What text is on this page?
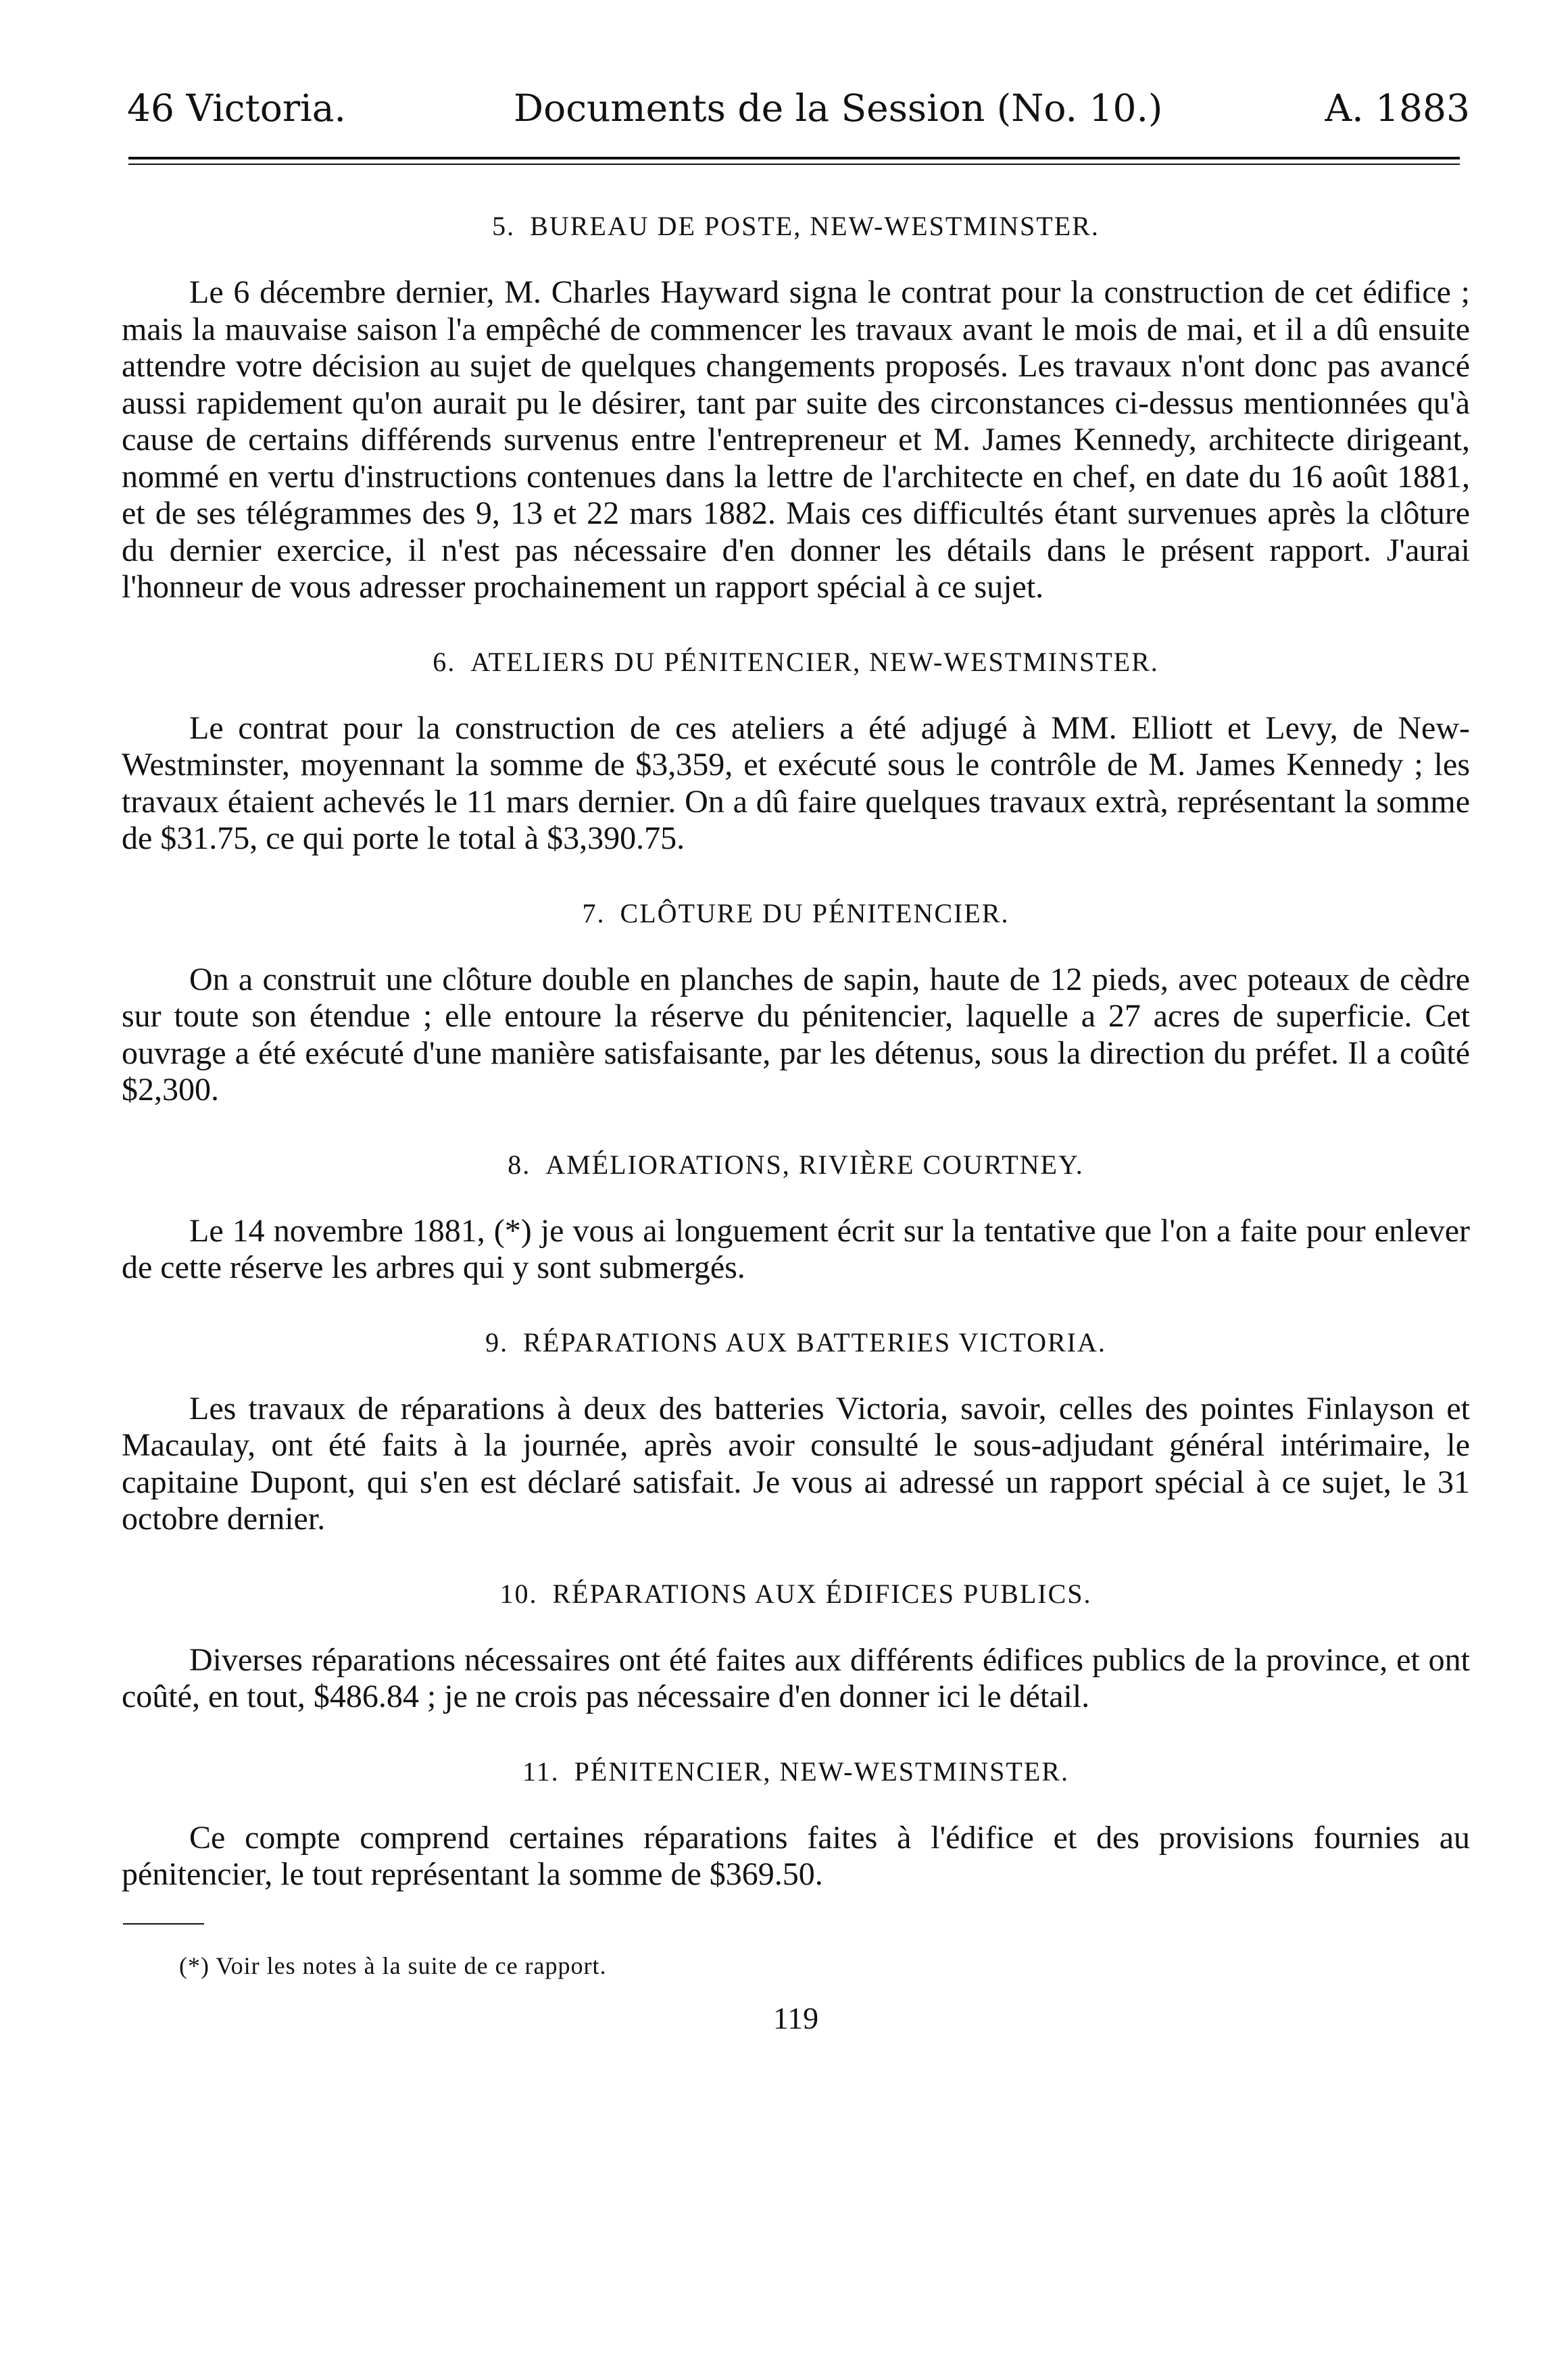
46 Victoria.	Documents de la Session (No. 10.)	A. 1883
5. BUREAU DE POSTE, NEW-WESTMINSTER.

Le 6 décembre dernier, M. Charles Hayward signa le contrat pour la construction de cet édifice ; mais la mauvaise saison l'a empêché de commencer les travaux avant le mois de mai, et il a dû ensuite attendre votre décision au sujet de quelques changements proposés. Les travaux n'ont donc pas avancé aussi rapidement qu'on aurait pu le désirer, tant par suite des circonstances ci-dessus mentionnées qu'à cause de certains différends survenus entre l'entrepreneur et M. James Kennedy, architecte dirigeant, nommé en vertu d'instructions contenues dans la lettre de l'architecte en chef, en date du 16 août 1881, et de ses télégrammes des 9, 13 et 22 mars 1882. Mais ces difficultés étant survenues après la clôture du dernier exercice, il n'est pas nécessaire d'en donner les détails dans le présent rapport. J'aurai l'honneur de vous adresser prochainement un rapport spécial à ce sujet.

6. ATELIERS DU PÉNITENCIER, NEW-WESTMINSTER.

Le contrat pour la construction de ces ateliers a été adjugé à MM. Elliott et Levy, de New-Westminster, moyennant la somme de $3,359, et exécuté sous le contrôle de M. James Kennedy ; les travaux étaient achevés le 11 mars dernier. On a dû faire quelques travaux extrà, représentant la somme de $31.75, ce qui porte le total à $3,390.75.

7. CLÔTURE DU PÉNITENCIER.

On a construit une clôture double en planches de sapin, haute de 12 pieds, avec poteaux de cèdre sur toute son étendue ; elle entoure la réserve du pénitencier, laquelle a 27 acres de superficie. Cet ouvrage a été exécuté d'une manière satisfaisante, par les détenus, sous la direction du préfet. Il a coûté $2,300.

8. AMÉLIORATIONS, RIVIÈRE COURTNEY.

Le 14 novembre 1881, (*) je vous ai longuement écrit sur la tentative que l'on a faite pour enlever de cette réserve les arbres qui y sont submergés.

9. RÉPARATIONS AUX BATTERIES VICTORIA.

Les travaux de réparations à deux des batteries Victoria, savoir, celles des pointes Finlayson et Macaulay, ont été faits à la journée, après avoir consulté le sous-adjudant général intérimaire, le capitaine Dupont, qui s'en est déclaré satisfait. Je vous ai adressé un rapport spécial à ce sujet, le 31 octobre dernier.

10. RÉPARATIONS AUX ÉDIFICES PUBLICS.

Diverses réparations nécessaires ont été faites aux différents édifices publics de la province, et ont coûté, en tout, $486.84 ; je ne crois pas nécessaire d'en donner ici le détail.

11. PÉNITENCIER, NEW-WESTMINSTER.

Ce compte comprend certaines réparations faites à l'édifice et des provisions fournies au pénitencier, le tout représentant la somme de $369.50.

(*) Voir les notes à la suite de ce rapport.
119
